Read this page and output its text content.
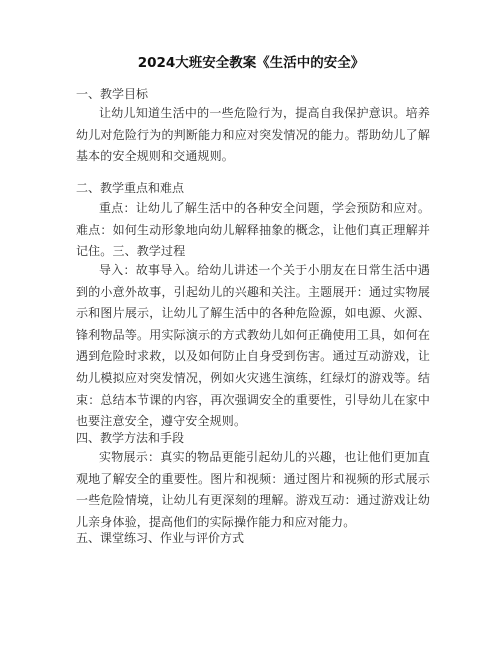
2024大班安全教案《生活中的安全》
一、教学目标
让幼儿知道生活中的一些危险行为，提高自我保护意识。培养幼儿对危险行为的判断能力和应对突发情况的能力。帮助幼儿了解基本的安全规则和交通规则。
二、教学重点和难点
重点：让幼儿了解生活中的各种安全问题，学会预防和应对。难点：如何生动形象地向幼儿解释抽象的概念，让他们真正理解并记住。三、教学过程
导入：故事导入。给幼儿讲述一个关于小朋友在日常生活中遇到的小意外故事，引起幼儿的兴趣和关注。主题展开：通过实物展示和图片展示，让幼儿了解生活中的各种危险源，如电源、火源、锋利物品等。用实际演示的方式教幼儿如何正确使用工具，如何在遇到危险时求救，以及如何防止自身受到伤害。通过互动游戏，让幼儿模拟应对突发情况，例如火灾逃生演练，红绿灯的游戏等。结束：总结本节课的内容，再次强调安全的重要性，引导幼儿在家中也要注意安全，遵守安全规则。
四、教学方法和手段
实物展示：真实的物品更能引起幼儿的兴趣，也让他们更加直观地了解安全的重要性。图片和视频：通过图片和视频的形式展示一些危险情境，让幼儿有更深刻的理解。游戏互动：通过游戏让幼儿亲身体验，提高他们的实际操作能力和应对能力。
五、课堂练习、作业与评价方式
